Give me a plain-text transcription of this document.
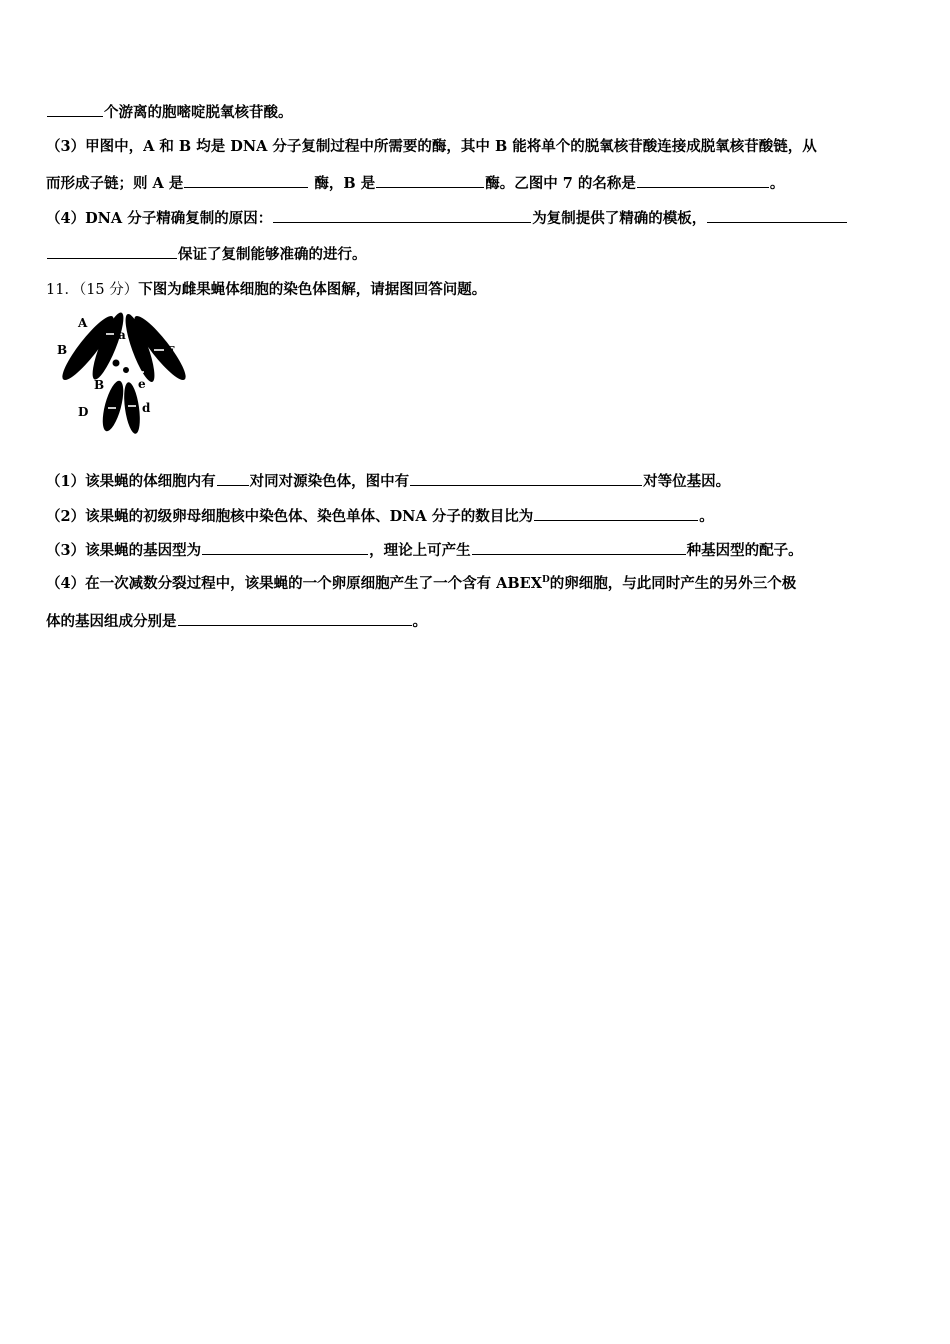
个游离的胞嘧啶脱氧核苷酸。
（3）甲图中，A 和 B 均是 DNA 分子复制过程中所需要的酶，其中 B 能将单个的脱氧核苷酸连接成脱氧核苷酸链，从
而形成子链；则 A 是	酶，B 是	酶。乙图中 7 的名称是	。
（4）DNA 分子精确复制的原因：	为复制提供了精确的模板，
保证了复制能够准确的进行。
11．（15 分）下图为雌果蝇体细胞的染色体图解，请据图回答问题。
A
a
B	E
B	e
D	d
（1）该果蝇的体细胞内有 对同对源染色体，图中有	对等位基因。
（2）该果蝇的初级卵母细胞核中染色体、染色单体、DNA 分子的数目比为	。
（3）该果蝇的基因型为	，理论上可产生	种基因型的配子。
（4）在一次减数分裂过程中，该果蝇的一个卵原细胞产生了一个含有 $ABEX^D$的卵细胞，与此同时产生的另外三个极
体的基因组成分别是	。
